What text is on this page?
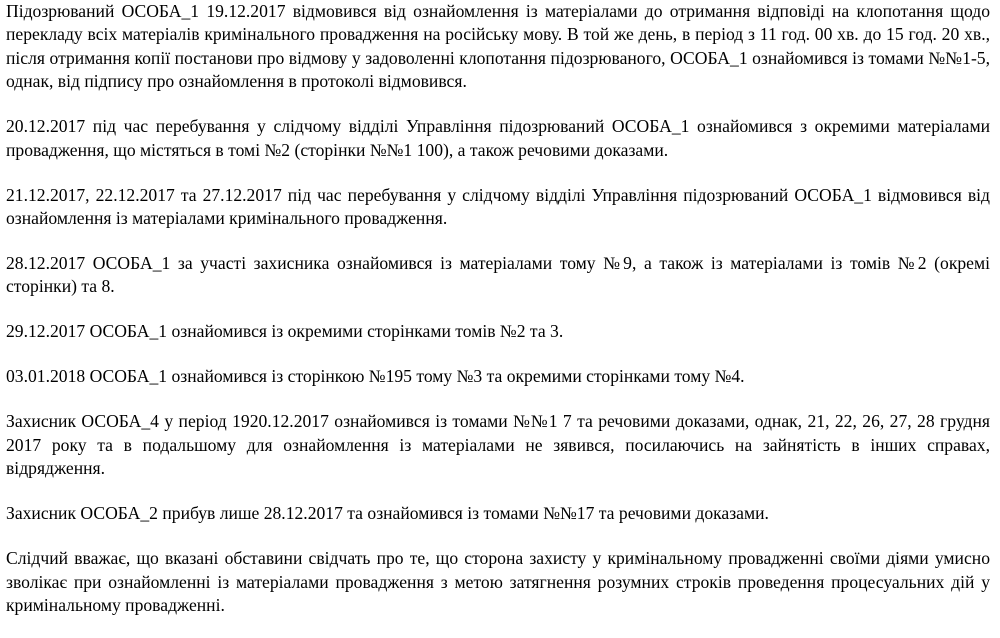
Підозрюваний ОСОБА_1 19.12.2017 відмовився від ознайомлення із матеріалами до отримання відповіді на клопотання щодо перекладу всіх матеріалів кримінального провадження на російську мову. В той же день, в період з 11 год. 00 хв. до 15 год. 20 хв., після отримання копії постанови про відмову у задоволенні клопотання підозрюваного, ОСОБА_1 ознайомився із томами №№1-5, однак, від підпису про ознайомлення в протоколі відмовився.

20.12.2017 під час перебування у слідчому відділі Управління підозрюваний ОСОБА_1 ознайомився з окремими матеріалами провадження, що містяться в томі №2 (сторінки №№1 100), а також речовими доказами.

21.12.2017, 22.12.2017 та 27.12.2017 під час перебування у слідчому відділі Управління підозрюваний ОСОБА_1 відмовився від ознайомлення із матеріалами кримінального провадження.

28.12.2017 ОСОБА_1 за участі захисника ознайомився із матеріалами тому №9, а також із матеріалами із томів №2 (окремі сторінки) та 8.

29.12.2017 ОСОБА_1 ознайомився із окремими сторінками томів №2 та 3.

03.01.2018 ОСОБА_1 ознайомився із сторінкою №195 тому №3 та окремими сторінками тому №4.

Захисник ОСОБА_4 у період 1920.12.2017 ознайомився із томами №№1 7 та речовими доказами, однак, 21, 22, 26, 27, 28 грудня 2017 року та в подальшому для ознайомлення із матеріалами не зявився, посилаючись на зайнятість в інших справах, відрядження.

Захисник ОСОБА_2 прибув лише 28.12.2017 та ознайомився із томами №№17 та речовими доказами.

Слідчий вважає, що вказані обставини свідчать про те, що сторона захисту у кримінальному провадженні своїми діями умисно зволікає при ознайомленні із матеріалами провадження з метою затягнення розумних строків проведення процесуальних дій у кримінальному провадженні.
